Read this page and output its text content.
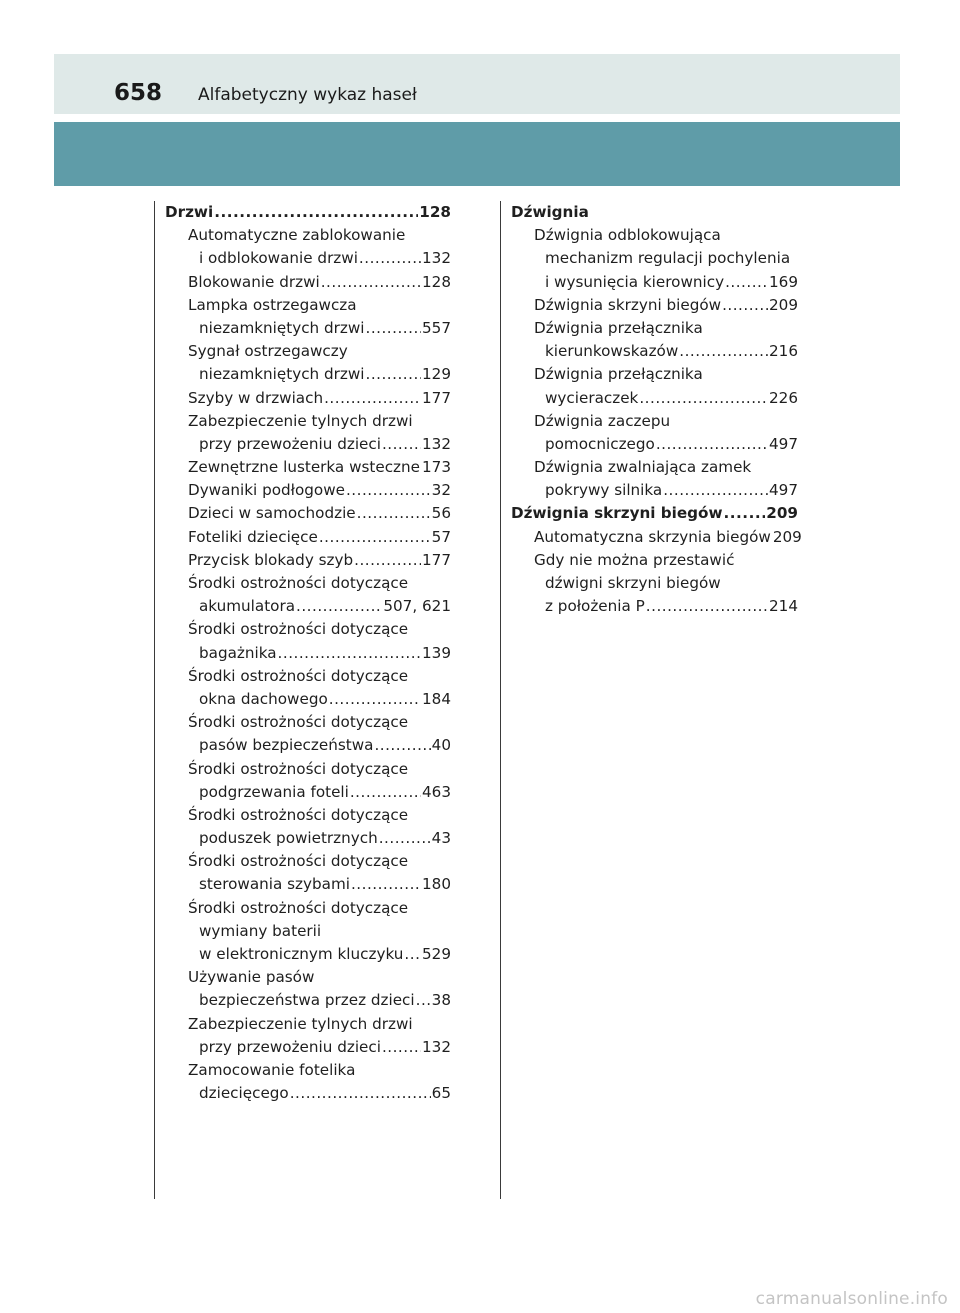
658 Alfabetyczny wykaz haseł
Drzwi .....	128
Automatyczne zablokowanie
i odblokowanie drzwi .....	132
Blokowanie drzwi .....	128
Lampka ostrzegawcza
niezamkniętych drzwi .....	557
Sygnał ostrzegawczy
niezamkniętych drzwi .....	129
Szyby w drzwiach .....	177
Zabezpieczenie tylnych drzwi
przy przewożeniu dzieci .....	132
Zewnętrzne lusterka wsteczne 173
Dywaniki podłogowe .....	32
Dzieci w samochodzie .....	56
Foteliki dziecięce .....	57
Przycisk blokady szyb .....	177
Środki ostrożności dotyczące
akumulatora .....	507, 621
Środki ostrożności dotyczące
bagażnika .....	139
Środki ostrożności dotyczące
okna dachowego .....	184
Środki ostrożności dotyczące
pasów bezpieczeństwa .....	40
Środki ostrożności dotyczące
podgrzewania foteli .....	463
Środki ostrożności dotyczące
poduszek powietrznych .....	43
Środki ostrożności dotyczące
sterowania szybami .....	180
Środki ostrożności dotyczące
wymiany baterii
w elektronicznym kluczyku ..... 529
Używanie pasów
bezpieczeństwa przez dzieci ..... 38
Zabezpieczenie tylnych drzwi
przy przewożeniu dzieci .....	132
Zamocowanie fotelika
dziecięcego .....	65
Dźwignia
Dźwignia odblokowująca
mechanizm regulacji pochylenia
i wysunięcia kierownicy .....	169
Dźwignia skrzyni biegów .....	209
Dźwignia przełącznika
kierunkowskazów .....	216
Dźwignia przełącznika
wycieraczek .....	226
Dźwignia zaczepu
pomocniczego .....	497
Dźwignia zwalniająca zamek
pokrywy silnika .....	497
Dźwignia skrzyni biegów .....	209
Automatyczna skrzynia biegów 209
Gdy nie można przestawić
dźwigni skrzyni biegów
z położenia P .....	214
carmanualsonline.info
